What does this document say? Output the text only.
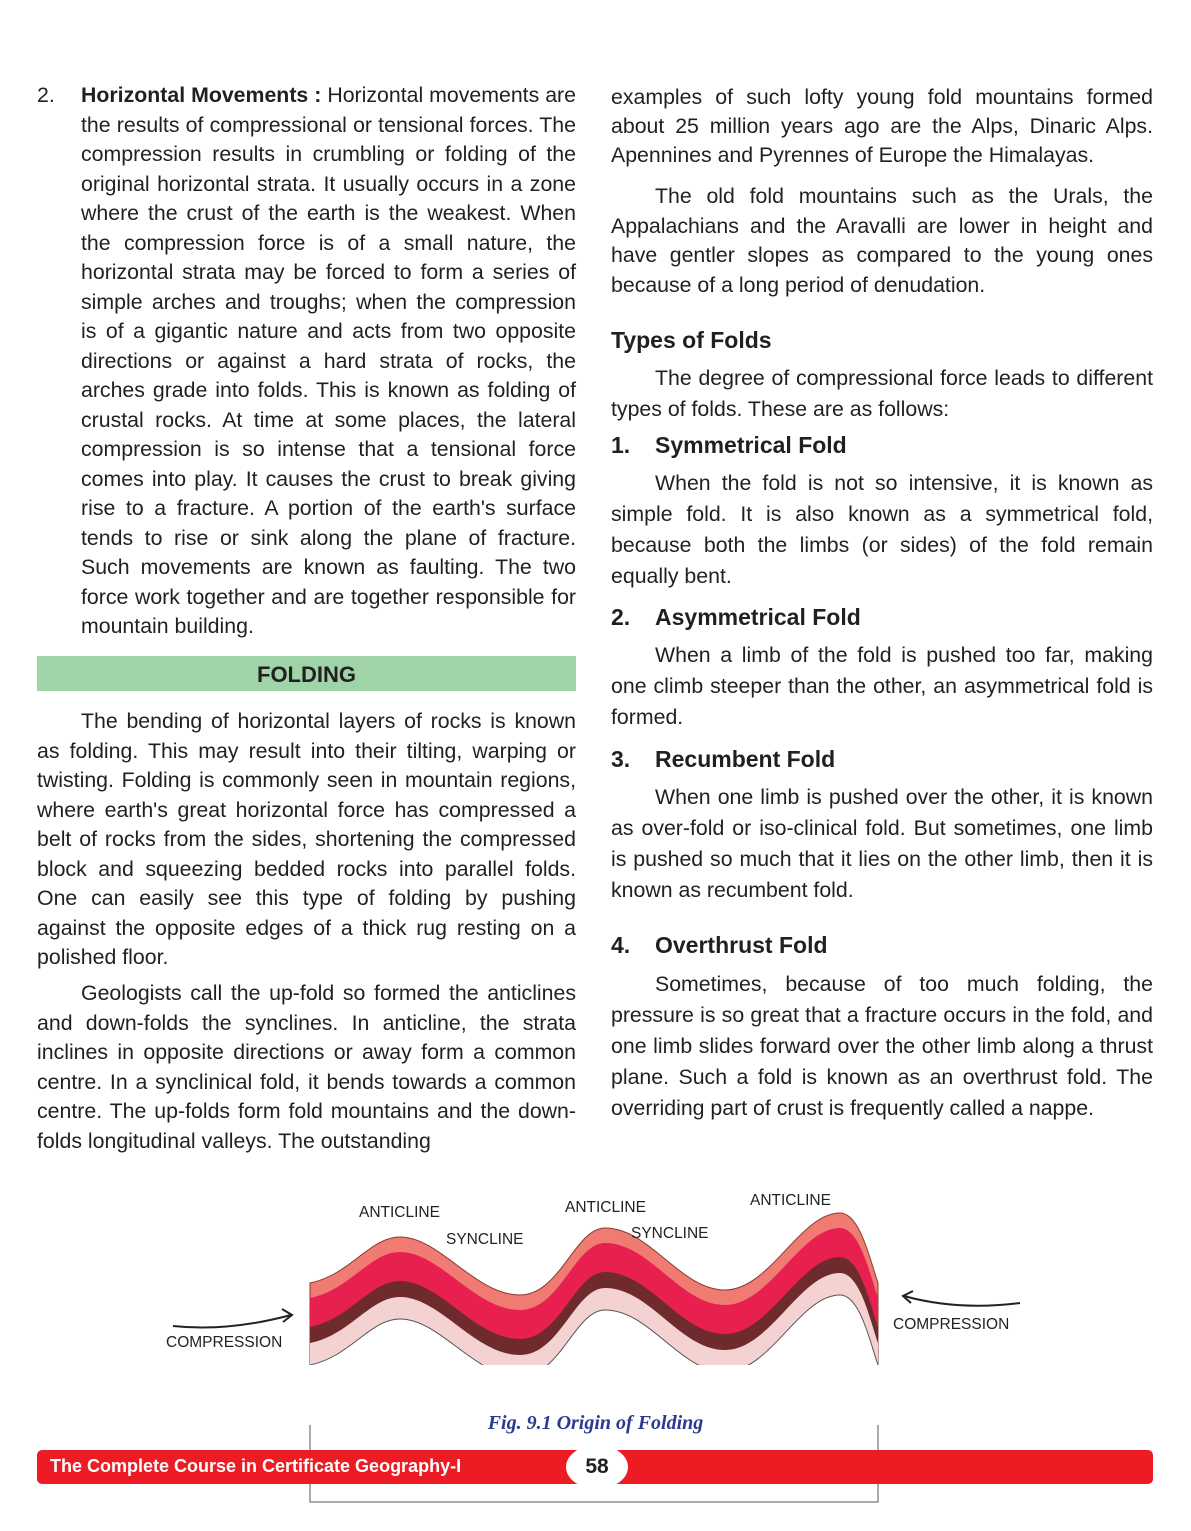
2. Horizontal Movements : Horizontal movements are the results of compressional or tensional forces. The compression results in crumbling or folding of the original horizontal strata. It usually occurs in a zone where the crust of the earth is the weakest. When the compression force is of a small nature, the horizontal strata may be forced to form a series of simple arches and troughs; when the compression is of a gigantic nature and acts from two opposite directions or against a hard strata of rocks, the arches grade into folds. This is known as folding of crustal rocks. At time at some places, the lateral compression is so intense that a tensional force comes into play. It causes the crust to break giving rise to a fracture. A portion of the earth's surface tends to rise or sink along the plane of fracture. Such movements are known as faulting. The two force work together and are together responsible for mountain building.

FOLDING

The bending of horizontal layers of rocks is known as folding. This may result into their tilting, warping or twisting. Folding is commonly seen in mountain regions, where earth's great horizontal force has compressed a belt of rocks from the sides, shortening the compressed block and squeezing bedded rocks into parallel folds. One can easily see this type of folding by pushing against the opposite edges of a thick rug resting on a polished floor.

Geologists call the up-fold so formed the anticlines and down-folds the synclines. In anticline, the strata inclines in opposite directions or away form a common centre. In a synclinical fold, it bends towards a common centre. The up-folds form fold mountains and the down-folds longitudinal valleys. The outstanding

examples of such lofty young fold mountains formed about 25 million years ago are the Alps, Dinaric Alps. Apennines and Pyrennes of Europe the Himalayas.

The old fold mountains such as the Urals, the Appalachians and the Aravalli are lower in height and have gentler slopes as compared to the young ones because of a long period of denudation.

Types of Folds

The degree of compressional force leads to different types of folds. These are as follows:

1. Symmetrical Fold

When the fold is not so intensive, it is known as simple fold. It is also known as a symmetrical fold, because both the limbs (or sides) of the fold remain equally bent.

2. Asymmetrical Fold

When a limb of the fold is pushed too far, making one climb steeper than the other, an asymmetrical fold is formed.

3. Recumbent Fold

When one limb is pushed over the other, it is known as over-fold or iso-clinical fold. But sometimes, one limb is pushed so much that it lies on the other limb, then it is known as recumbent fold.

4. Overthrust Fold

Sometimes, because of too much folding, the pressure is so great that a fracture occurs in the fold, and one limb slides forward over the other limb along a thrust plane. Such a fold is known as an overthrust fold. The overriding part of crust is frequently called a nappe.

ANTICLINE	ANTICLINE	ANTICLINE
SYNCLINE	SYNCLINE
COMPRESSION
COMPRESSION
Fig. 9.1 Origin of Folding
The Complete Course in Certificate Geography-I	58
